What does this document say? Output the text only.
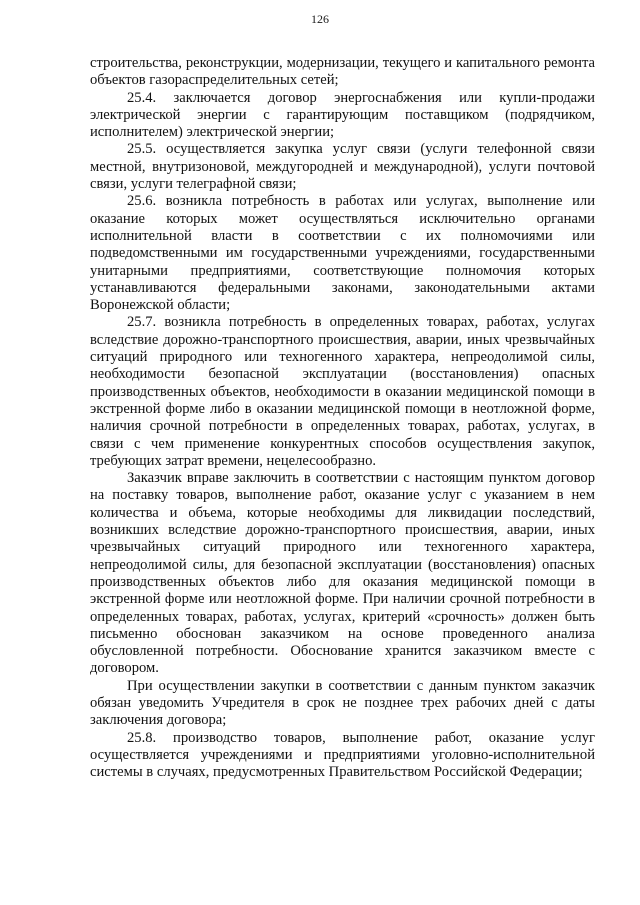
126

строительства, реконструкции, модернизации, текущего и капитального ремонта объектов газораспределительных сетей;

25.4. заключается договор энергоснабжения или купли-продажи электрической энергии с гарантирующим поставщиком (подрядчиком, исполнителем) электрической энергии;

25.5. осуществляется закупка услуг связи (услуги телефонной связи местной, внутризоновой, междугородней и международной), услуги почтовой связи, услуги телеграфной связи;

25.6. возникла потребность в работах или услугах, выполнение или оказание которых может осуществляться исключительно органами исполнительной власти в соответствии с их полномочиями или подведомственными им государственными учреждениями, государственными унитарными предприятиями, соответствующие полномочия которых устанавливаются федеральными законами, законодательными актами Воронежской области;

25.7. возникла потребность в определенных товарах, работах, услугах вследствие дорожно-транспортного происшествия, аварии, иных чрезвычайных ситуаций природного или техногенного характера, непреодолимой силы, необходимости безопасной эксплуатации (восстановления) опасных производственных объектов, необходимости в оказании медицинской помощи в экстренной форме либо в оказании медицинской помощи в неотложной форме, наличия срочной потребности в определенных товарах, работах, услугах, в связи с чем применение конкурентных способов осуществления закупок, требующих затрат времени, нецелесообразно.

Заказчик вправе заключить в соответствии с настоящим пунктом договор на поставку товаров, выполнение работ, оказание услуг с указанием в нем количества и объема, которые необходимы для ликвидации последствий, возникших вследствие дорожно-транспортного происшествия, аварии, иных чрезвычайных ситуаций природного или техногенного характера, непреодолимой силы, для безопасной эксплуатации (восстановления) опасных производственных объектов либо для оказания медицинской помощи в экстренной форме или неотложной форме. При наличии срочной потребности в определенных товарах, работах, услугах, критерий «срочность» должен быть письменно обоснован заказчиком на основе проведенного анализа обусловленной потребности. Обоснование хранится заказчиком вместе с договором.

При осуществлении закупки в соответствии с данным пунктом заказчик обязан уведомить Учредителя в срок не позднее трех рабочих дней с даты заключения договора;

25.8. производство товаров, выполнение работ, оказание услуг осуществляется учреждениями и предприятиями уголовно-исполнительной системы в случаях, предусмотренных Правительством Российской Федерации;
